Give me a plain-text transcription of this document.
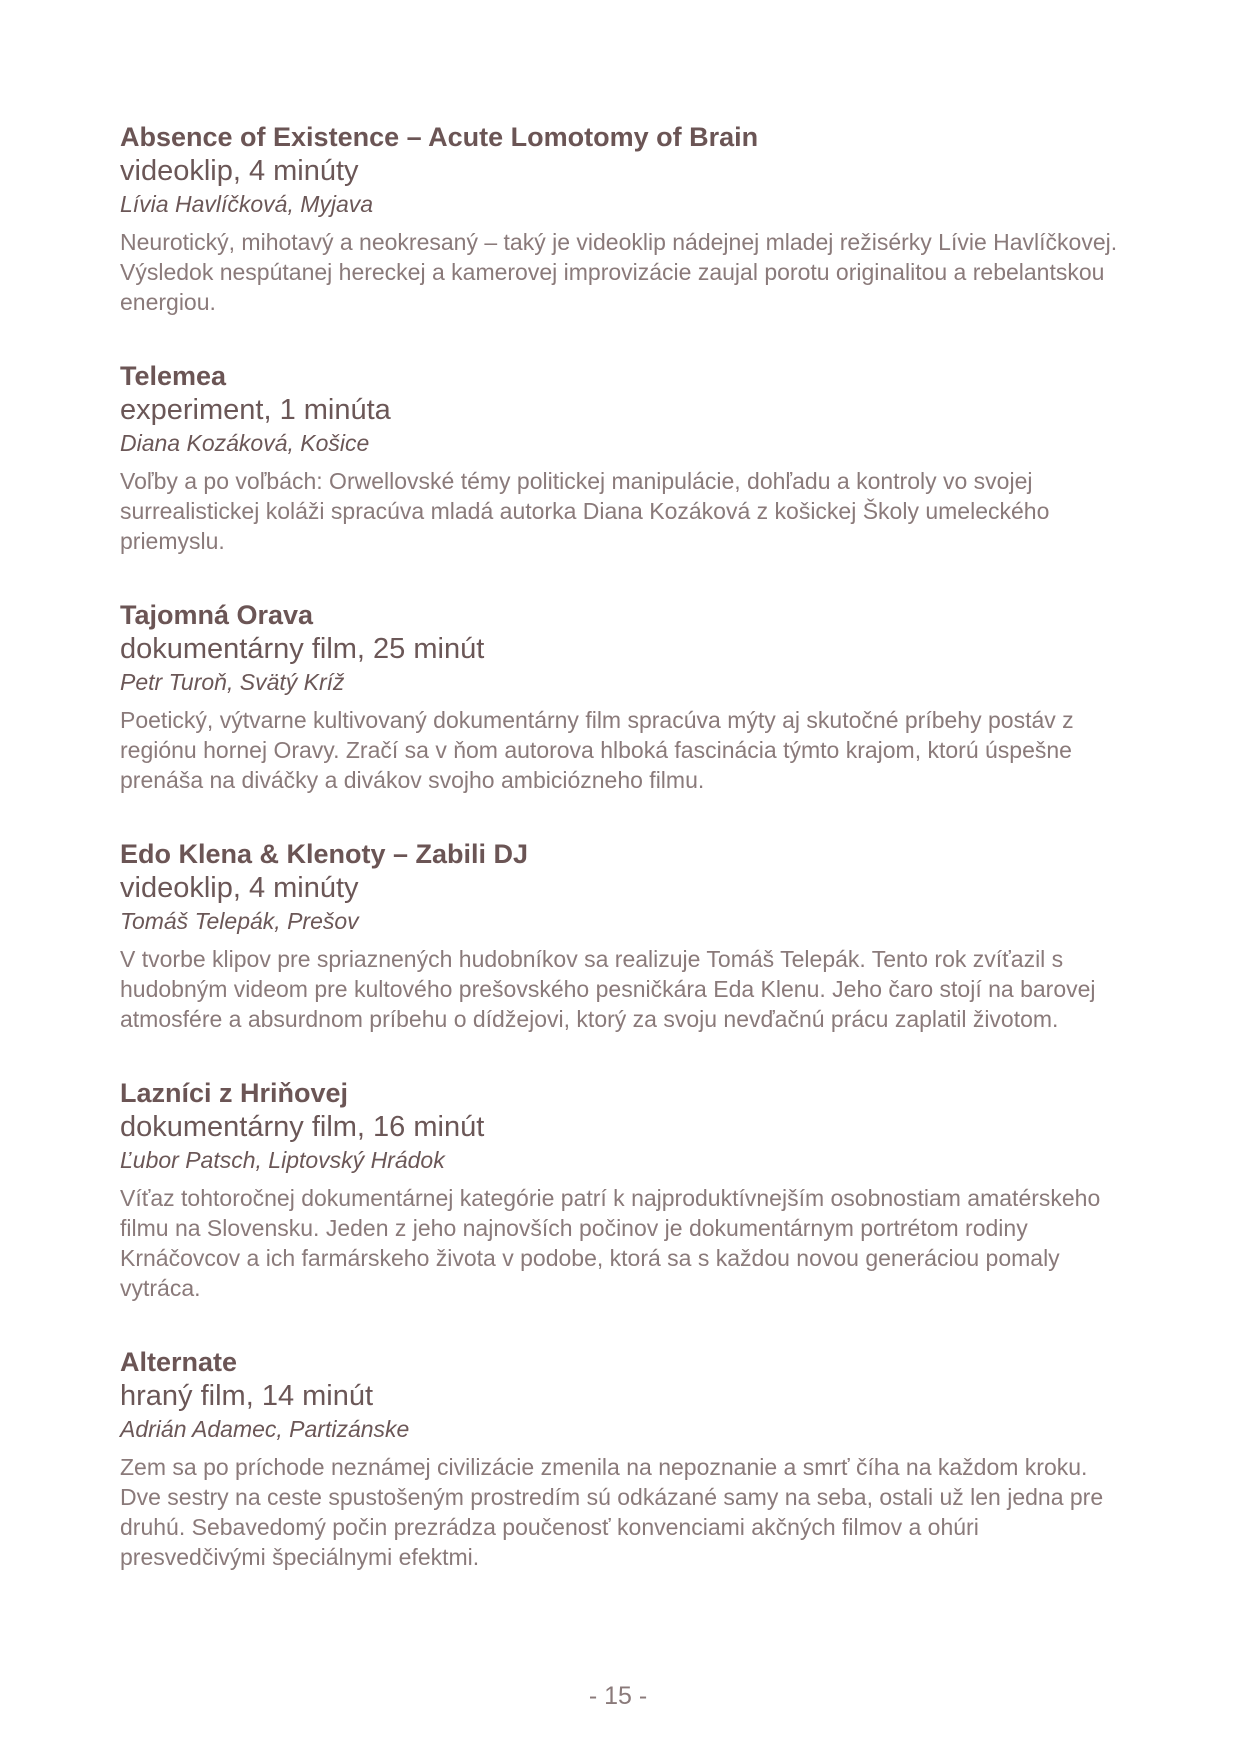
Absence of Existence – Acute Lomotomy of Brain

videoklip, 4 minúty

Lívia Havlíčková, Myjava

Neurotický, mihotavý a neokresaný – taký je videoklip nádejnej mladej režisérky Lívie Havlíčkovej. Výsledok nespútanej hereckej a kamerovej improvizácie zaujal porotu originalitou a rebelantskou energiou.

Telemea

experiment, 1 minúta

Diana Kozáková, Košice

Voľby a po voľbách: Orwellovské témy politickej manipulácie, dohľadu a kontroly vo svojej surrealistickej koláži spracúva mladá autorka Diana Kozáková z košickej Školy umeleckého priemyslu.

Tajomná Orava

dokumentárny film, 25 minút

Petr Turoň, Svätý Kríž

Poetický, výtvarne kultivovaný dokumentárny film spracúva mýty aj skutočné príbehy postáv z regiónu hornej Oravy. Zračí sa v ňom autorova hlboká fascinácia týmto krajom, ktorú úspešne prenáša na diváčky a divákov svojho ambiciózneho filmu.

Edo Klena & Klenoty – Zabili DJ

videoklip, 4 minúty

Tomáš Telepák, Prešov

V tvorbe klipov pre spriaznených hudobníkov sa realizuje Tomáš Telepák. Tento rok zvíťazil s hudobným videom pre kultového prešovského pesničkára Eda Klenu. Jeho čaro stojí na barovej atmosfére a absurdnom príbehu o dídžejovi, ktorý za svoju nevďačnú prácu zaplatil životom.

Lazníci z Hriňovej

dokumentárny film, 16 minút

Ľubor Patsch, Liptovský Hrádok

Víťaz tohtoročnej dokumentárnej kategórie patrí k najproduktívnejším osobnostiam amatérskeho filmu na Slovensku. Jeden z jeho najnovších počinov je dokumentárnym portrétom rodiny Krnáčovcov a ich farmárskeho života v podobe, ktorá sa s každou novou generáciou pomaly vytráca.

Alternate

hraný film, 14 minút

Adrián Adamec, Partizánske

Zem sa po príchode neznámej civilizácie zmenila na nepoznanie a smrť číha na každom kroku. Dve sestry na ceste spustošeným prostredím sú odkázané samy na seba, ostali už len jedna pre druhú. Sebavedomý počin prezrádza poučenosť konvenciami akčných filmov a ohúri presvedčivými špeciálnymi efektmi.

- 15 -
